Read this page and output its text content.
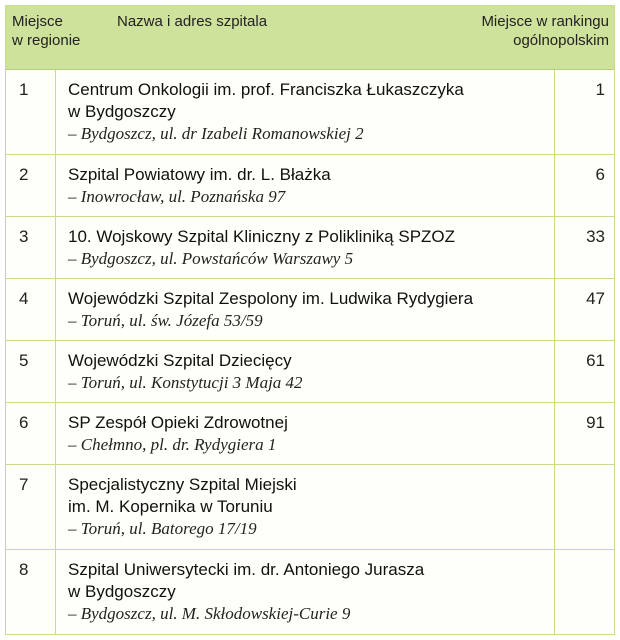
Miejsce
w regionie
Nazwa i adres szpitala	Miejsce w rankingu
ogólnopolskim
1 Centrum Onkologii im. prof. Franciszka Łukaszczyka
w Bydgoszczy
– Bydgoszcz, ul. dr Izabeli Romanowskiej 2
1
2 Szpital Powiatowy im. dr. L. Błażka
– Inowrocław, ul. Poznańska 97
6
3 10. Wojskowy Szpital Kliniczny z Polikliniką SPZOZ
– Bydgoszcz, ul. Powstańców Warszawy 5
33
4 Wojewódzki Szpital Zespolony im. Ludwika Rydygiera
– Toruń, ul. św. Józefa 53/59
47
5 Wojewódzki Szpital Dziecięcy
– Toruń, ul. Konstytucji 3 Maja 42
61
6 SP Zespół Opieki Zdrowotnej
– Chełmno, pl. dr. Rydygiera 1
91
7 Specjalistyczny Szpital Miejski
im. M. Kopernika w Toruniu
– Toruń, ul. Batorego 17/19
8 Szpital Uniwersytecki im. dr. Antoniego Jurasza
w Bydgoszczy
– Bydgoszcz, ul. M. Skłodowskiej-Curie 9
